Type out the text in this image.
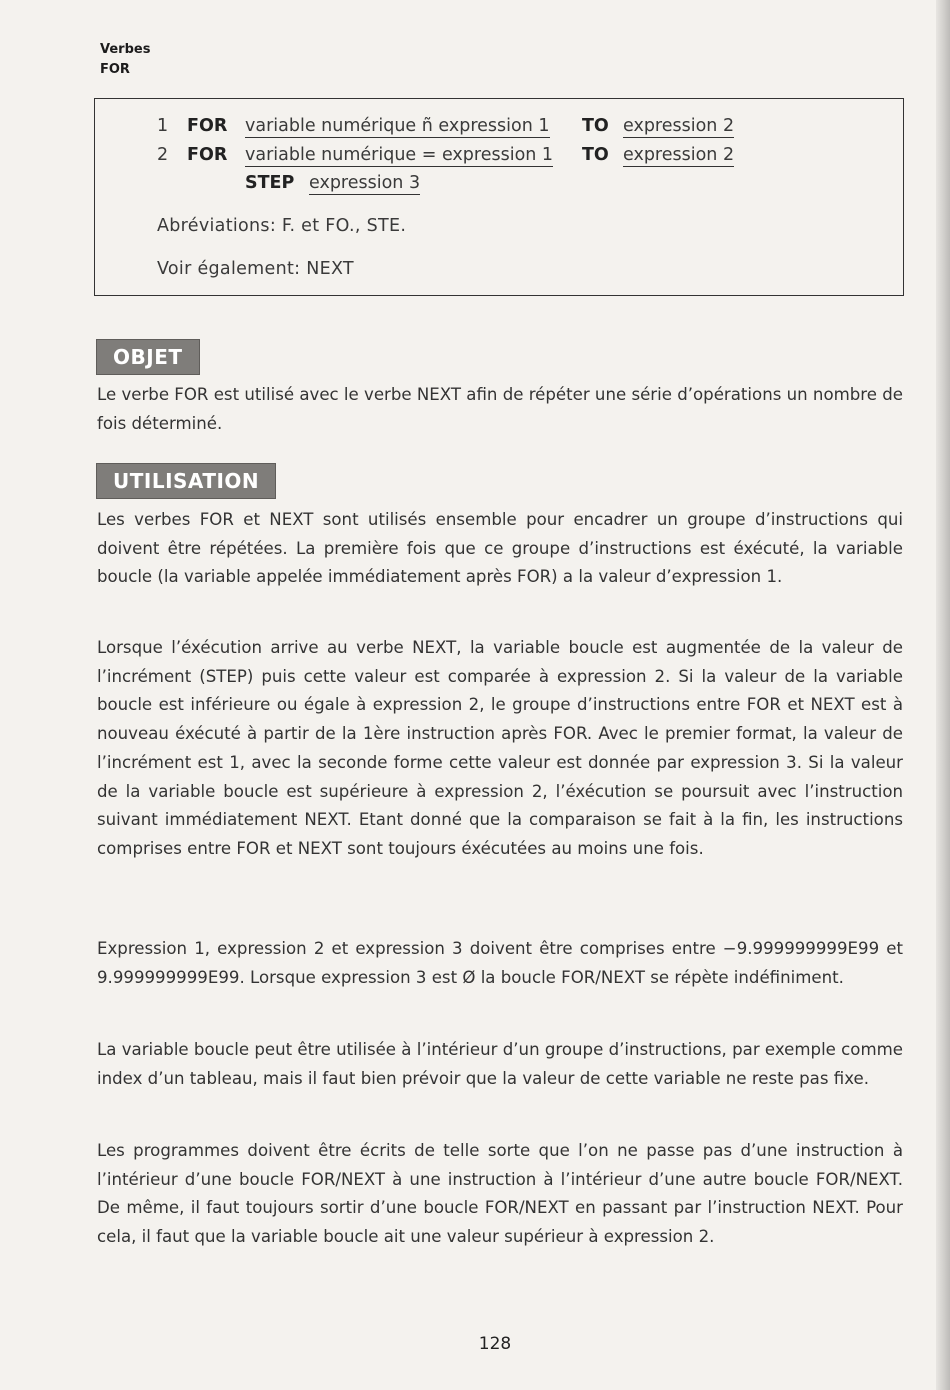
Verbes
FOR
1 FOR variable numérique ñ expression 1 TO expression 2
2 FOR variable numérique = expression 1 TO expression 2
STEP expression 3
Abréviations: F. et FO., STE.
Voir également: NEXT
OBJET
Le verbe FOR est utilisé avec le verbe NEXT afin de répéter une série d’opérations un nombre de fois déterminé.
UTILISATION
Les verbes FOR et NEXT sont utilisés ensemble pour encadrer un groupe d’instructions qui doivent être répétées. La première fois que ce groupe d’instructions est éxécuté, la variable boucle (la variable appelée immédiatement après FOR) a la valeur d’expression 1.
Lorsque l’éxécution arrive au verbe NEXT, la variable boucle est augmentée de la valeur de l’incrément (STEP) puis cette valeur est comparée à expression 2. Si la valeur de la variable boucle est inférieure ou égale à expression 2, le groupe d’instructions entre FOR et NEXT est à nouveau éxécuté à partir de la 1ère instruction après FOR. Avec le premier format, la valeur de l’incrément est 1, avec la seconde forme cette valeur est donnée par expression 3. Si la valeur de la variable boucle est supérieure à expression 2, l’éxécution se poursuit avec l’instruction suivant immédiatement NEXT. Etant donné que la comparaison se fait à la fin, les instructions comprises entre FOR et NEXT sont toujours éxécutées au moins une fois.
Expression 1, expression 2 et expression 3 doivent être comprises entre −9.999999999E99 et 9.999999999E99. Lorsque expression 3 est Ø la boucle FOR/NEXT se répète indéfiniment.
La variable boucle peut être utilisée à l’intérieur d’un groupe d’instructions, par exemple comme index d’un tableau, mais il faut bien prévoir que la valeur de cette variable ne reste pas fixe.
Les programmes doivent être écrits de telle sorte que l’on ne passe pas d’une instruction à l’intérieur d’une boucle FOR/NEXT à une instruction à l’intérieur d’une autre boucle FOR/NEXT. De même, il faut toujours sortir d’une boucle FOR/NEXT en passant par l’instruction NEXT. Pour cela, il faut que la variable boucle ait une valeur supérieur à expression 2.
128
